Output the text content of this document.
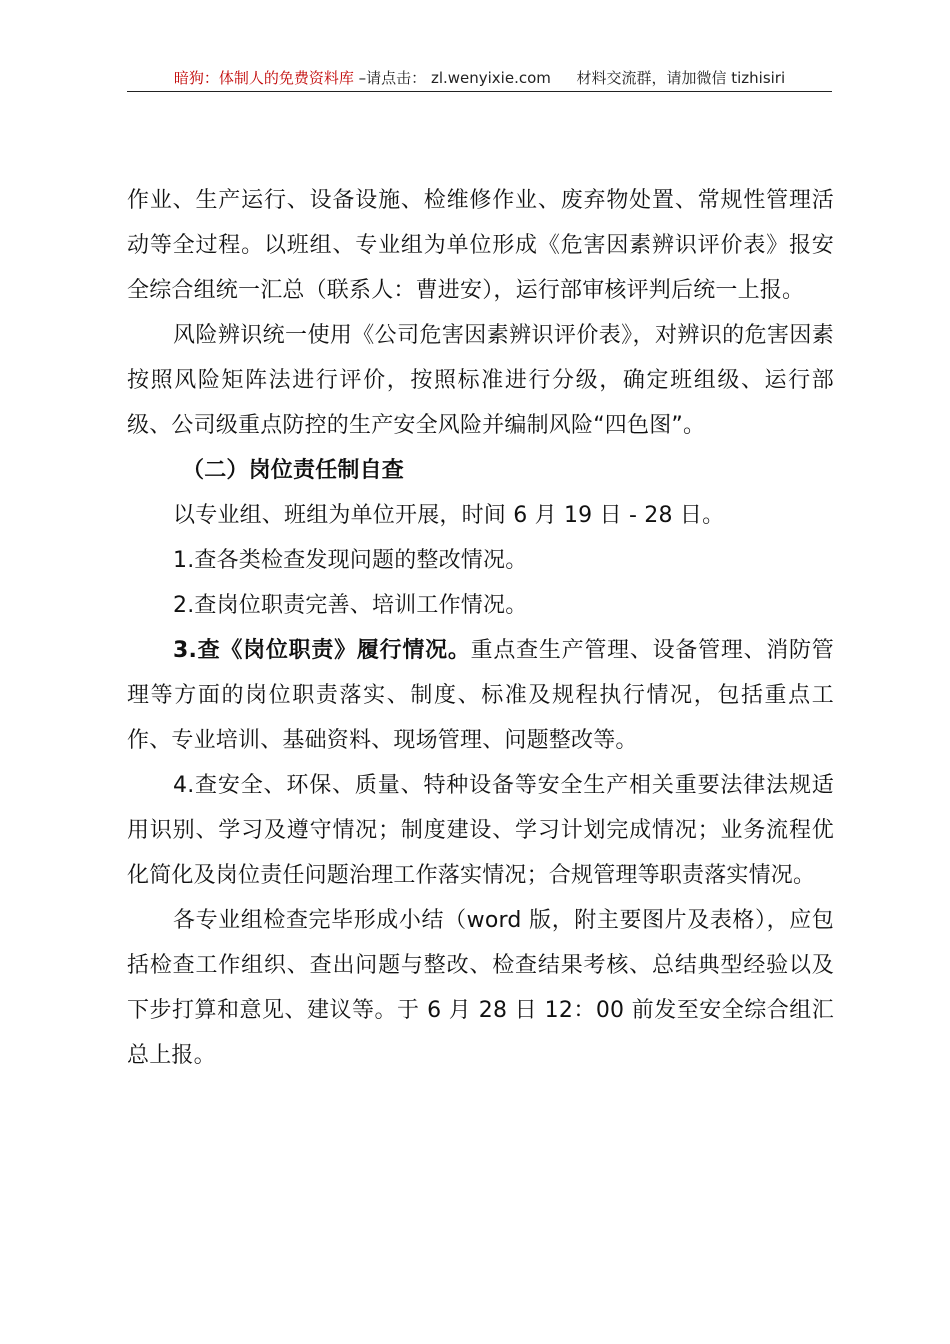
暗狗：体制人的免费资料库 –请点击： zl.wenyixie.com 材料交流群，请加微信 tizhisiri

作业、生产运行、设备设施、检维修作业、废弃物处置、常规性管理活动等全过程。以班组、专业组为单位形成《危害因素辨识评价表》报安全综合组统一汇总（联系人：曹进安），运行部审核评判后统一上报。

风险辨识统一使用《公司危害因素辨识评价表》，对辨识的危害因素按照风险矩阵法进行评价，按照标准进行分级，确定班组级、运行部级、公司级重点防控的生产安全风险并编制风险“四色图”。

（二）岗位责任制自查

以专业组、班组为单位开展，时间 6 月 19 日 - 28 日。

1.查各类检查发现问题的整改情况。

2.查岗位职责完善、培训工作情况。

3.查《岗位职责》履行情况。重点查生产管理、设备管理、消防管理等方面的岗位职责落实、制度、标准及规程执行情况，包括重点工作、专业培训、基础资料、现场管理、问题整改等。

4.查安全、环保、质量、特种设备等安全生产相关重要法律法规适用识别、学习及遵守情况；制度建设、学习计划完成情况；业务流程优化简化及岗位责任问题治理工作落实情况；合规管理等职责落实情况。

各专业组检查完毕形成小结（word 版，附主要图片及表格），应包括检查工作组织、查出问题与整改、检查结果考核、总结典型经验以及下步打算和意见、建议等。于 6 月 28 日 12：00 前发至安全综合组汇总上报。
